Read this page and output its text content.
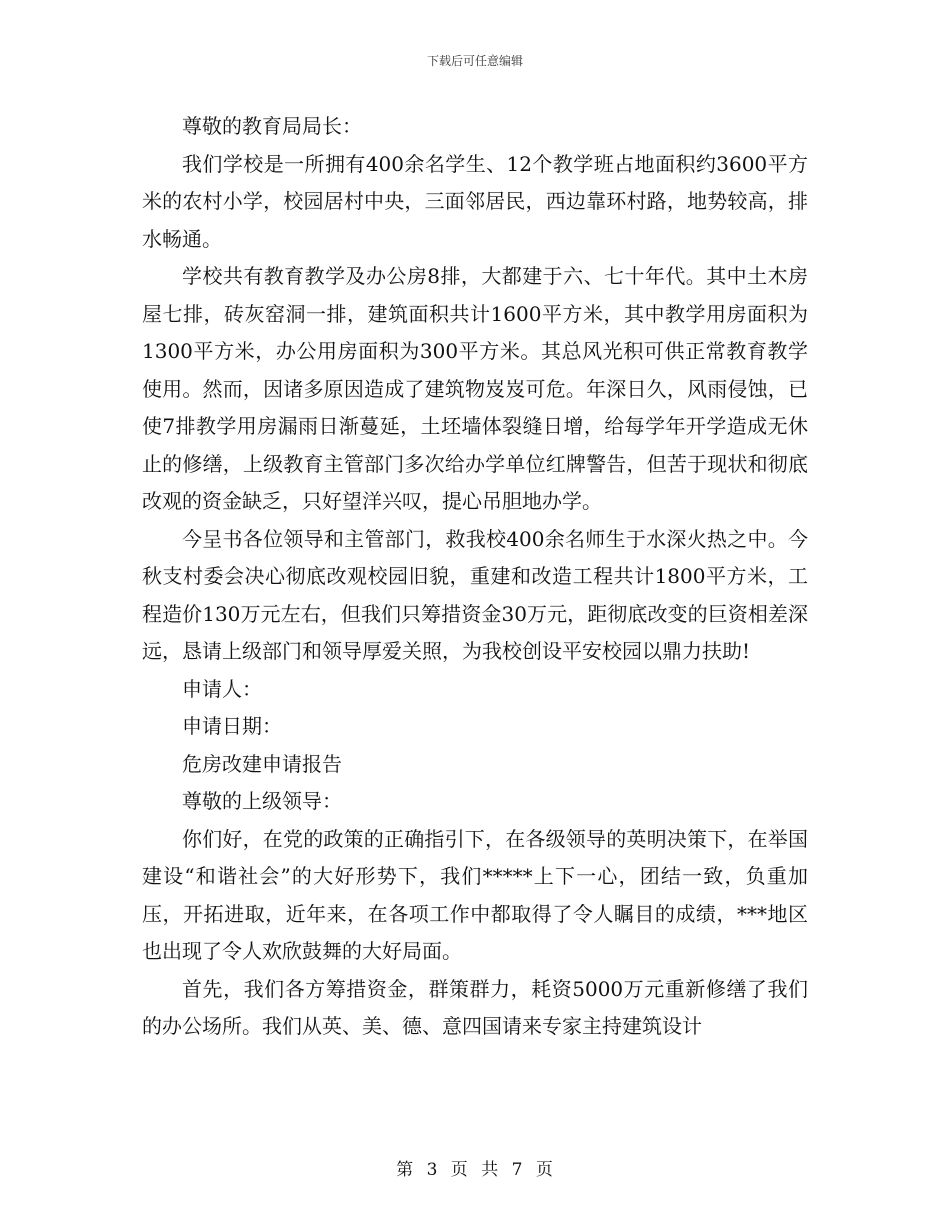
下载后可任意编辑

尊敬的教育局局长：

我们学校是一所拥有400余名学生、12个教学班占地面积约3600平方米的农村小学，校园居村中央，三面邻居民，西边靠环村路，地势较高，排水畅通。

学校共有教育教学及办公房8排，大都建于六、七十年代。其中土木房屋七排，砖灰窑洞一排，建筑面积共计1600平方米，其中教学用房面积为1300平方米，办公用房面积为300平方米。其总风光积可供正常教育教学使用。然而，因诸多原因造成了建筑物岌岌可危。年深日久，风雨侵蚀，已使7排教学用房漏雨日渐蔓延，土坯墙体裂缝日增，给每学年开学造成无休止的修缮，上级教育主管部门多次给办学单位红牌警告，但苦于现状和彻底改观的资金缺乏，只好望洋兴叹，提心吊胆地办学。

今呈书各位领导和主管部门，救我校400余名师生于水深火热之中。今秋支村委会决心彻底改观校园旧貌，重建和改造工程共计1800平方米，工程造价130万元左右，但我们只筹措资金30万元，距彻底改变的巨资相差深远，恳请上级部门和领导厚爱关照，为我校创设平安校园以鼎力扶助!

申请人：

申请日期：

危房改建申请报告

尊敬的上级领导：

你们好，在党的政策的正确指引下，在各级领导的英明决策下，在举国建设“和谐社会”的大好形势下，我们*****上下一心，团结一致，负重加压，开拓进取，近年来，在各项工作中都取得了令人瞩目的成绩，***地区也出现了令人欢欣鼓舞的大好局面。

首先，我们各方筹措资金，群策群力，耗资5000万元重新修缮了我们的办公场所。我们从英、美、德、意四国请来专家主持建筑设计

第 3 页 共 7 页
